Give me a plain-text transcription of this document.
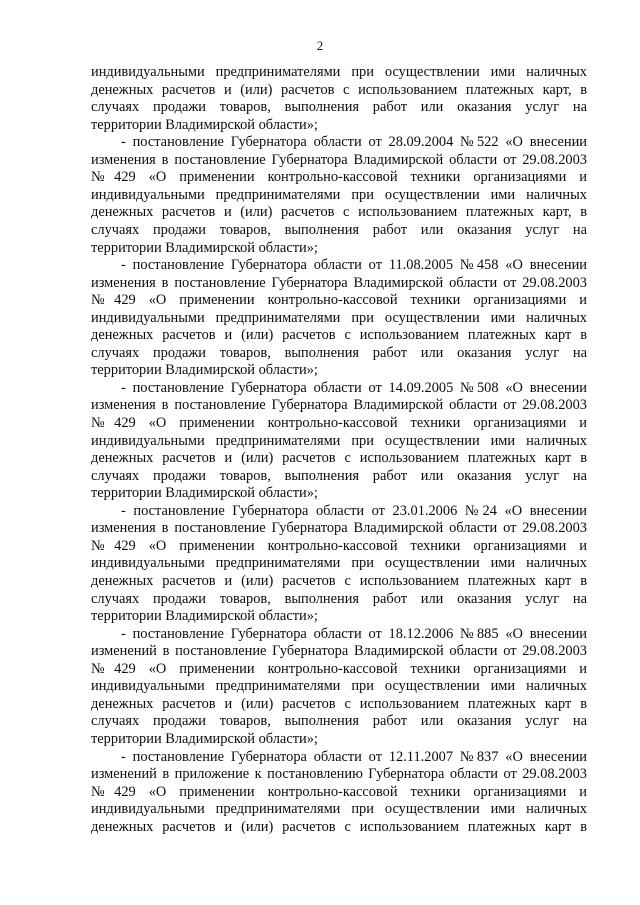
2
индивидуальными предпринимателями при осуществлении ими наличных
денежных расчетов и (или) расчетов с использованием платежных карт, в
случаях продажи товаров, выполнения работ или оказания услуг на
территории Владимирской области»;
- постановление Губернатора области от 28.09.2004 №522 «О внесении
изменения в постановление Губернатора Владимирской области от 29.08.2003
№429 «О применении контрольно-кассовой техники организациями и
индивидуальными предпринимателями при осуществлении ими наличных
денежных расчетов и (или) расчетов с использованием платежных карт, в
случаях продажи товаров, выполнения работ или оказания услуг на
территории Владимирской области»;
- постановление Губернатора области от 11.08.2005 №458 «О внесении
изменения в постановление Губернатора Владимирской области от 29.08.2003
№429 «О применении контрольно-кассовой техники организациями и
индивидуальными предпринимателями при осуществлении ими наличных
денежных расчетов и (или) расчетов с использованием платежных карт в
случаях продажи товаров, выполнения работ или оказания услуг на
территории Владимирской области»;
- постановление Губернатора области от 14.09.2005 №508 «О внесении
изменения в постановление Губернатора Владимирской области от 29.08.2003
№429 «О применении контрольно-кассовой техники организациями и
индивидуальными предпринимателями при осуществлении ими наличных
денежных расчетов и (или) расчетов с использованием платежных карт в
случаях продажи товаров, выполнения работ или оказания услуг на
территории Владимирской области»;
- постановление Губернатора области от 23.01.2006 №24 «О внесении
изменения в постановление Губернатора Владимирской области от 29.08.2003
№429 «О применении контрольно-кассовой техники организациями и
индивидуальными предпринимателями при осуществлении ими наличных
денежных расчетов и (или) расчетов с использованием платежных карт в
случаях продажи товаров, выполнения работ или оказания услуг на
территории Владимирской области»;
- постановление Губернатора области от 18.12.2006 №885 «О внесении
изменений в постановление Губернатора Владимирской области от 29.08.2003
№429 «О применении контрольно-кассовой техники организациями и
индивидуальными предпринимателями при осуществлении ими наличных
денежных расчетов и (или) расчетов с использованием платежных карт в
случаях продажи товаров, выполнения работ или оказания услуг на
территории Владимирской области»;
- постановление Губернатора области от 12.11.2007 №837 «О внесении
изменений в приложение к постановлению Губернатора области от 29.08.2003
№429 «О применении контрольно-кассовой техники организациями и
индивидуальными предпринимателями при осуществлении ими наличных
денежных расчетов и (или) расчетов с использованием платежных карт в
